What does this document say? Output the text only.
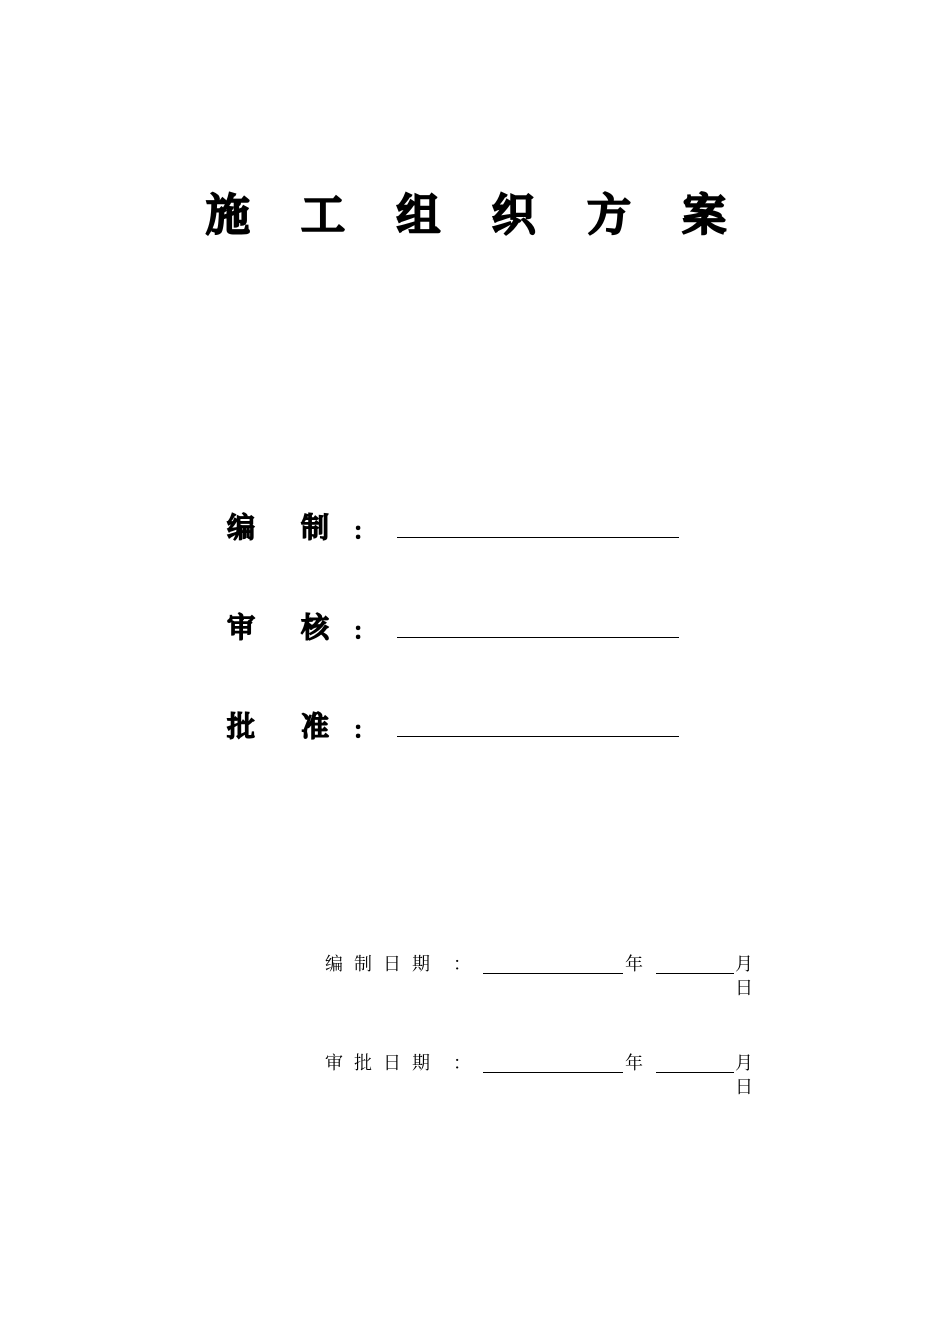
施 工 组 织 方 案
编 制 ：
审 核 ：
批 准 ：
编制日期 ：	年	月
日
审批日期 ：	年	月
日
